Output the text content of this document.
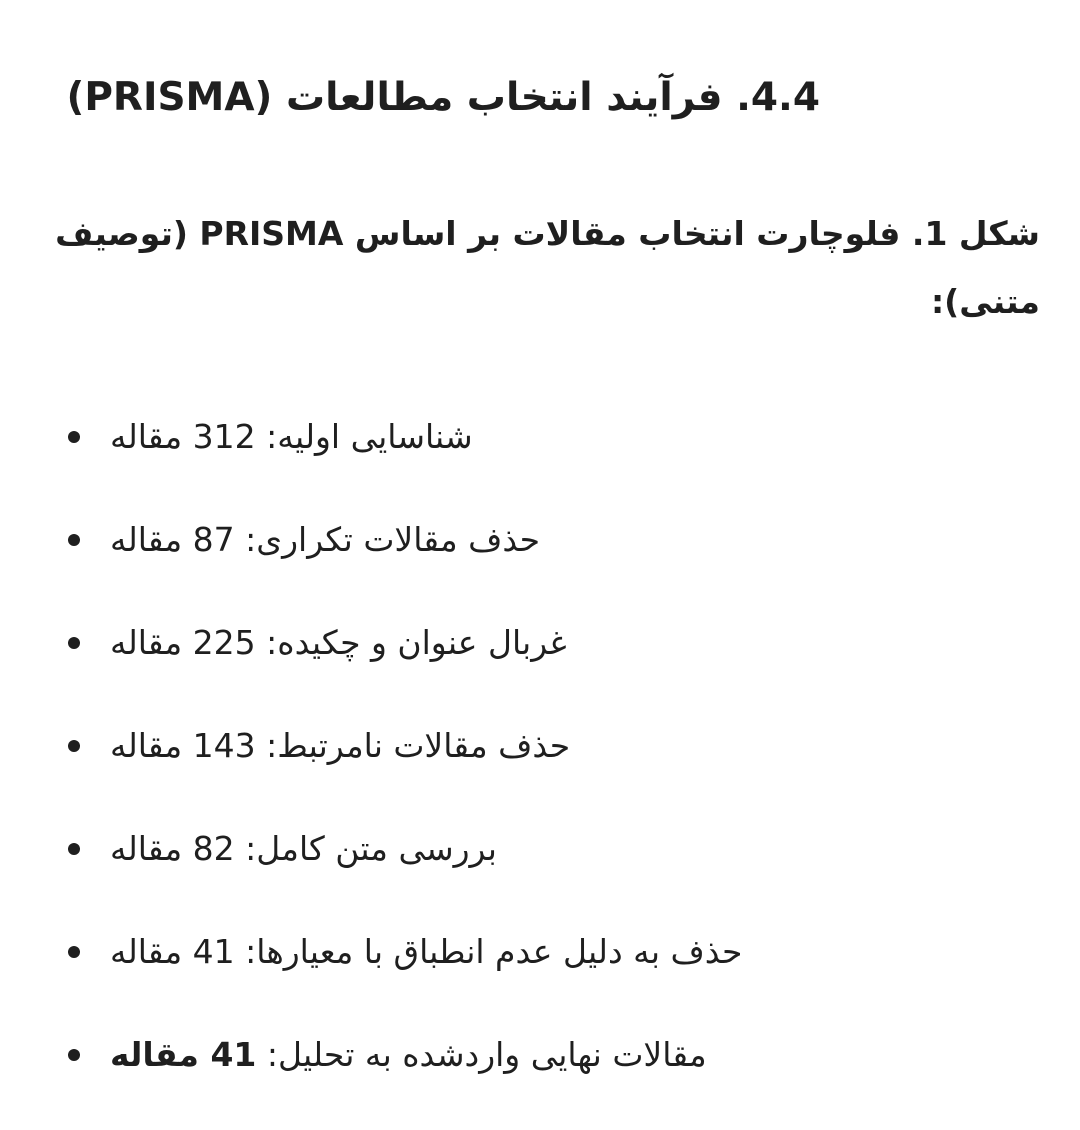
4.4. فرآیند انتخاب مطالعات (PRISMA)

شکل 1. فلوچارت انتخاب مقالات بر اساس PRISMA (توصیف متنی):

شناسایی اولیه: 312 مقاله
حذف مقالات تکراری: 87 مقاله
غربال عنوان و چکیده: 225 مقاله
حذف مقالات نامرتبط: 143 مقاله
بررسی متن کامل: 82 مقاله
حذف به دلیل عدم انطباق با معیارها: 41 مقاله
مقالات نهایی واردشده به تحلیل: 41 مقاله
